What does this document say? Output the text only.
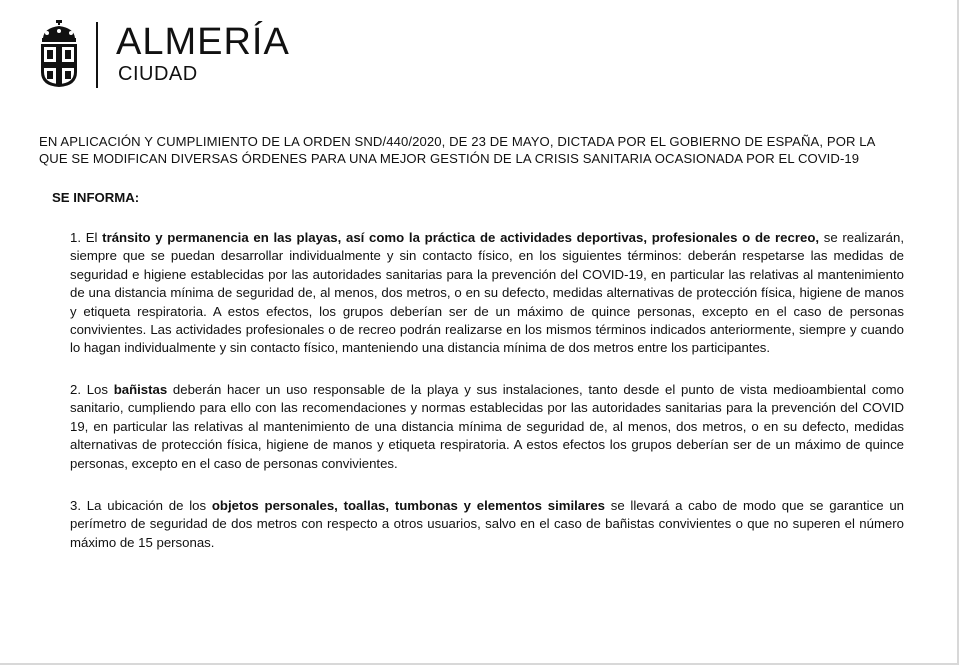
ALMERÍA
CIUDAD
EN APLICACIÓN Y CUMPLIMIENTO DE LA ORDEN SND/440/2020, DE 23 DE MAYO, DICTADA POR EL GOBIERNO DE ESPAÑA, POR LA

QUE SE MODIFICAN DIVERSAS ÓRDENES PARA UNA MEJOR GESTIÓN DE LA CRISIS SANITARIA OCASIONADA POR EL COVID-19
SE INFORMA:
1. El tránsito y permanencia en las playas, así como la práctica de actividades deportivas, profesionales o de recreo, se realizarán, siempre que se puedan desarrollar individualmente y sin contacto físico, en los siguientes términos: deberán respetarse las medidas de seguridad e higiene establecidas por las autoridades sanitarias para la prevención del COVID-19, en particular las relativas al mantenimiento de una distancia mínima de seguridad de, al menos, dos metros, o en su defecto, medidas alternativas de protección física, higiene de manos y etiqueta respiratoria. A estos efectos, los grupos deberían ser de un máximo de quince personas, excepto en el caso de personas convivientes. Las actividades profesionales o de recreo podrán realizarse en los mismos términos indicados anteriormente, siempre y cuando lo hagan individualmente y sin contacto físico, manteniendo una distancia mínima de dos metros entre los participantes.
2. Los bañistas deberán hacer un uso responsable de la playa y sus instalaciones, tanto desde el punto de vista medioambiental como sanitario, cumpliendo para ello con las recomendaciones y normas establecidas por las autoridades sanitarias para la prevención del COVID 19, en particular las relativas al mantenimiento de una distancia mínima de seguridad de, al menos, dos metros, o en su defecto, medidas alternativas de protección física, higiene de manos y etiqueta respiratoria. A estos efectos los grupos deberían ser de un máximo de quince personas, excepto en el caso de personas convivientes.
3. La ubicación de los objetos personales, toallas, tumbonas y elementos similares se llevará a cabo de modo que se garantice un perímetro de seguridad de dos metros con respecto a otros usuarios, salvo en el caso de bañistas convivientes o que no superen el número máximo de 15 personas.
